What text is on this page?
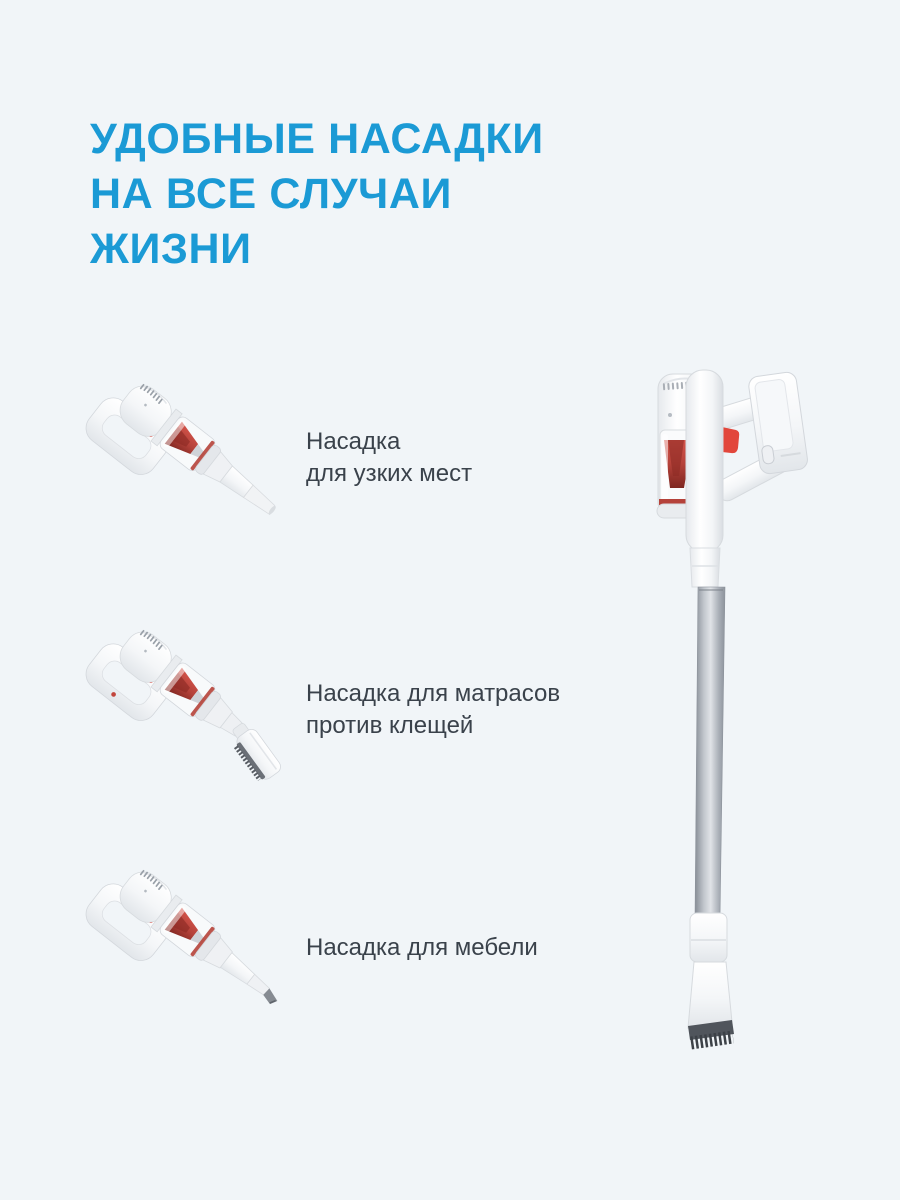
УДОБНЫЕ НАСАДКИ
НА ВСЕ СЛУЧАИ
ЖИЗНИ
Насадка
для узких мест
Насадка для матрасов
против клещей
Насадка для мебели
